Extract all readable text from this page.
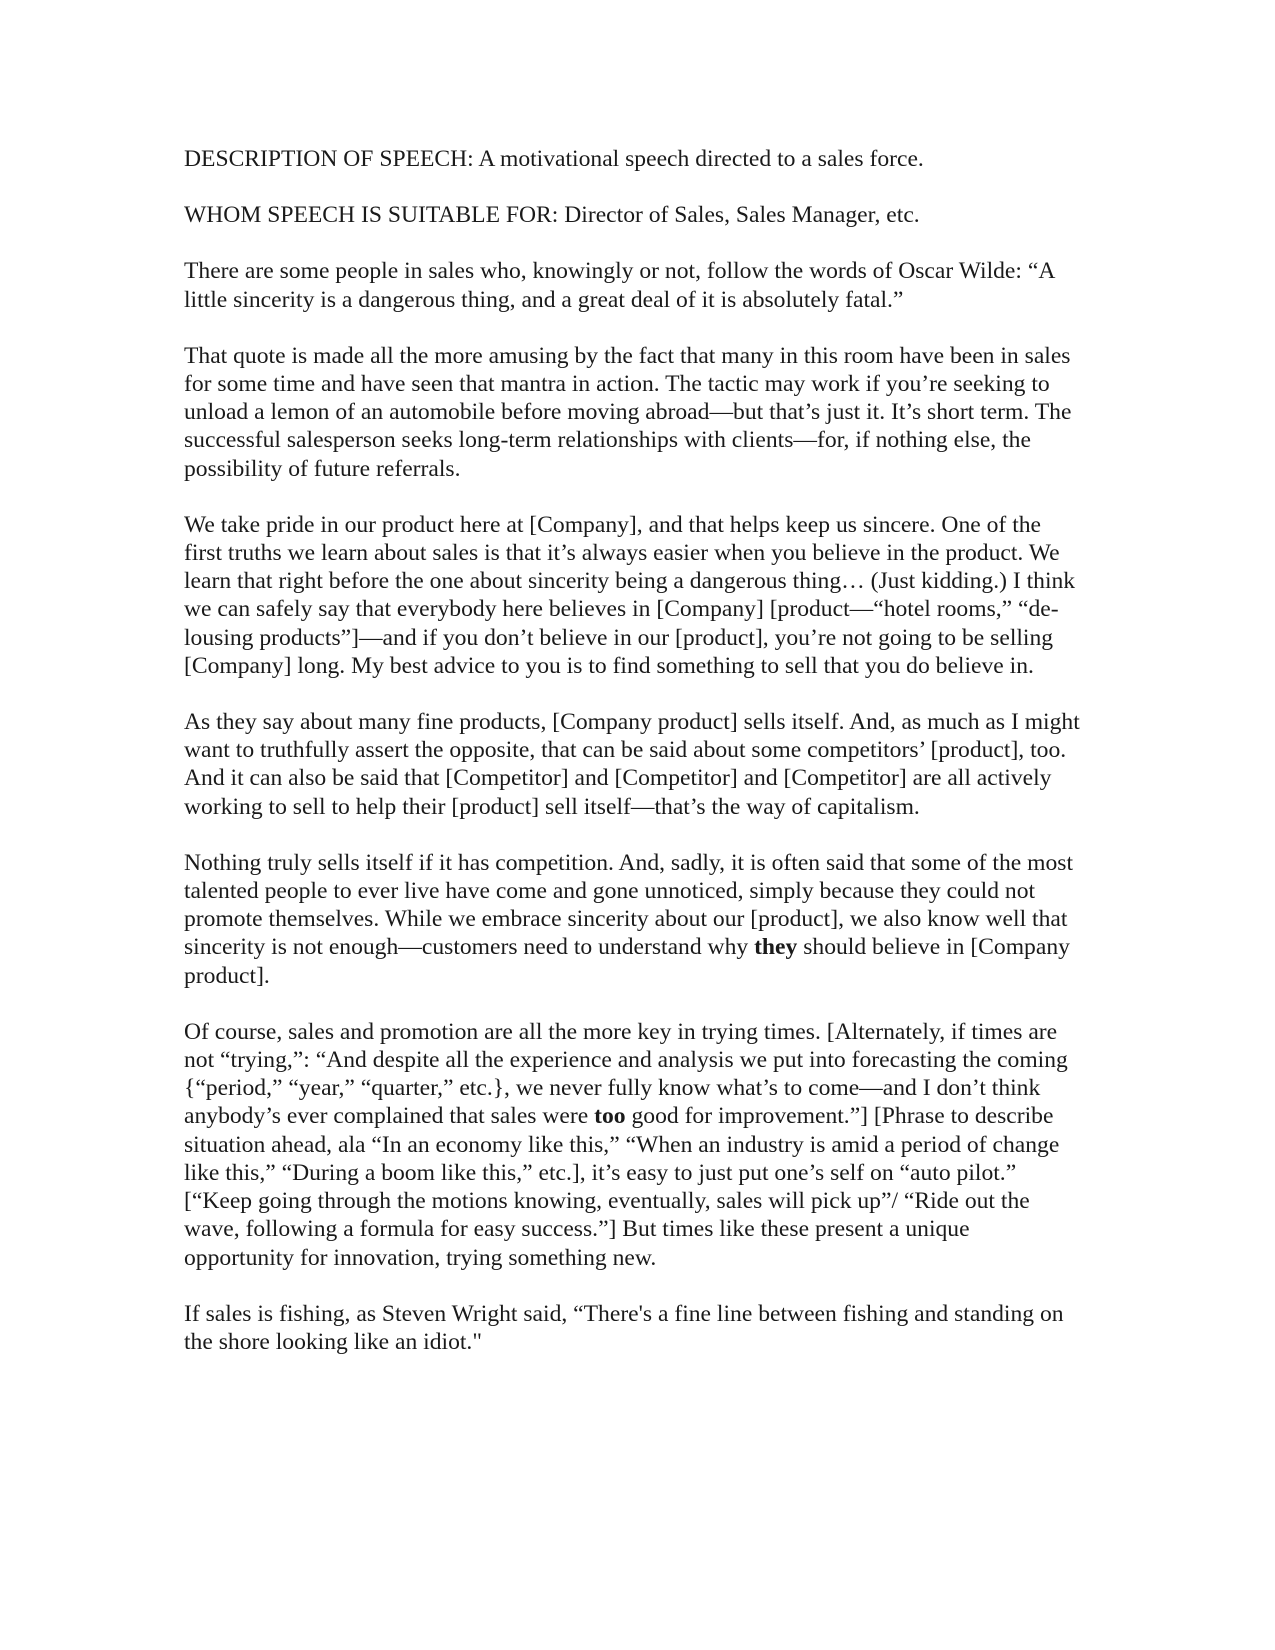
DESCRIPTION OF SPEECH: A motivational speech directed to a sales force.

WHOM SPEECH IS SUITABLE FOR: Director of Sales, Sales Manager, etc.

There are some people in sales who, knowingly or not, follow the words of Oscar Wilde: “A little sincerity is a dangerous thing, and a great deal of it is absolutely fatal.”

That quote is made all the more amusing by the fact that many in this room have been in sales for some time and have seen that mantra in action. The tactic may work if you’re seeking to unload a lemon of an automobile before moving abroad—but that’s just it. It’s short term. The successful salesperson seeks long-term relationships with clients—for, if nothing else, the possibility of future referrals.

We take pride in our product here at [Company], and that helps keep us sincere. One of the first truths we learn about sales is that it’s always easier when you believe in the product. We learn that right before the one about sincerity being a dangerous thing… (Just kidding.) I think we can safely say that everybody here believes in [Company] [product—“hotel rooms,” “de-lousing products”]—and if you don’t believe in our [product], you’re not going to be selling [Company] long. My best advice to you is to find something to sell that you do believe in.

As they say about many fine products, [Company product] sells itself. And, as much as I might want to truthfully assert the opposite, that can be said about some competitors’ [product], too. And it can also be said that [Competitor] and [Competitor] and [Competitor] are all actively working to sell to help their [product] sell itself—that’s the way of capitalism.

Nothing truly sells itself if it has competition. And, sadly, it is often said that some of the most talented people to ever live have come and gone unnoticed, simply because they could not promote themselves. While we embrace sincerity about our [product], we also know well that sincerity is not enough—customers need to understand why they should believe in [Company product].

Of course, sales and promotion are all the more key in trying times. [Alternately, if times are not “trying,”: “And despite all the experience and analysis we put into forecasting the coming {“period,” “year,” “quarter,” etc.}, we never fully know what’s to come—and I don’t think anybody’s ever complained that sales were too good for improvement.”] [Phrase to describe situation ahead, ala “In an economy like this,” “When an industry is amid a period of change like this,” “During a boom like this,” etc.], it’s easy to just put one’s self on “auto pilot.” [“Keep going through the motions knowing, eventually, sales will pick up”/ “Ride out the wave, following a formula for easy success.”] But times like these present a unique opportunity for innovation, trying something new.

If sales is fishing, as Steven Wright said, “There's a fine line between fishing and standing on the shore looking like an idiot."
